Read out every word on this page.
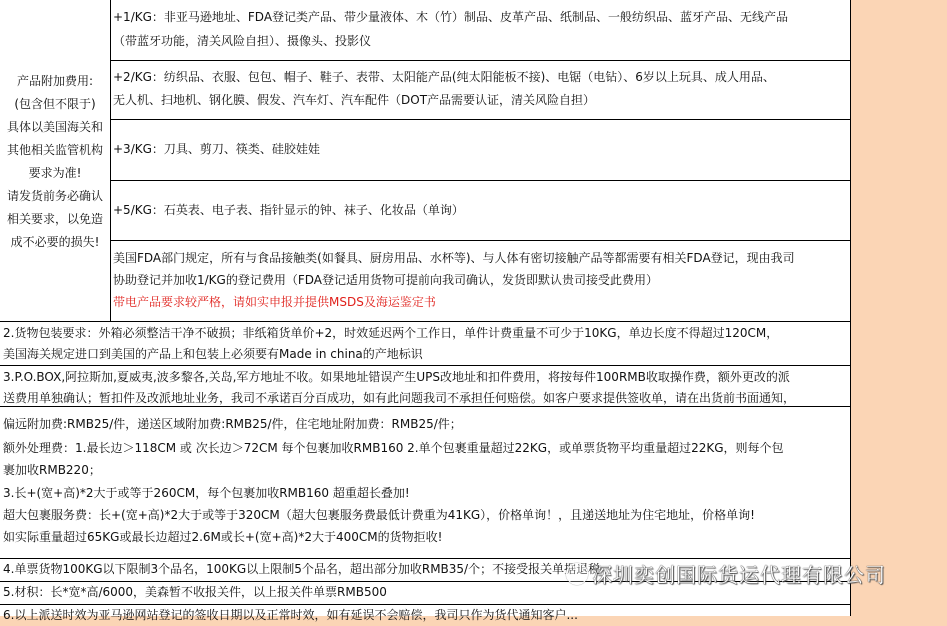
产品附加费用:
(包含但不限于)
具体以美国海关和
其他相关监管机构
要求为准!
请发货前务必确认
相关要求，以免造
成不必要的损失!
+1/KG：非亚马逊地址、FDA登记类产品、带少量液体、木（竹）制品、皮革产品、纸制品、一般纺织品、蓝牙产品、无线产品
（带蓝牙功能，清关风险自担）、摄像头、投影仪
+2/KG：纺织品、衣服、包包、帽子、鞋子、表带、太阳能产品(纯太阳能板不接)、电锯（电钻）、6岁以上玩具、成人用品、
无人机、扫地机、钢化膜、假发、汽车灯、汽车配件（DOT产品需要认证，清关风险自担）
+3/KG：刀具、剪刀、筷类、硅胶娃娃
+5/KG：石英表、电子表、指针显示的钟、袜子、化妆品（单询）
美国FDA部门规定，所有与食品接触类(如餐具、厨房用品、水杯等)、与人体有密切接触产品等都需要有相关FDA登记，现由我司
协助登记并加收1/KG的登记费用（FDA登记适用货物可提前向我司确认，发货即默认贵司接受此费用）
带电产品要求较严格，请如实申报并提供MSDS及海运鉴定书
2.货物包装要求：外箱必须整洁干净不破损；非纸箱货单价+2，时效延迟两个工作日，单件计费重量不可少于10KG，单边长度不得超过120CM，
美国海关规定进口到美国的产品上和包装上必须要有Made in china的产地标识
3.P.O.BOX,阿拉斯加,夏威夷,波多黎各,关岛,军方地址不收。如果地址错误产生UPS改地址和扣件费用，将按每件100RMB收取操作费，额外更改的派
送费用单独确认；暂扣件及改派地址业务，我司不承诺百分百成功，如有此问题我司不承担任何赔偿。如客户要求提供签收单，请在出货前书面通知，
偏远附加费:RMB25/件，递送区域附加费:RMB25/件，住宅地址附加费：RMB25/件；
额外处理费：1.最长边＞118CM 或 次长边＞72CM 每个包裹加收RMB160 2.单个包裹重量超过22KG，或单票货物平均重量超过22KG，则每个包
裹加收RMB220；
3.长+(宽+高)*2大于或等于260CM，每个包裹加收RMB160 超重超长叠加!
超大包裹服务费：长+(宽+高)*2大于或等于320CM（超大包裹服务费最低计费重为41KG），价格单询！，且递送地址为住宅地址，价格单询!
如实际重量超过65KG或最长边超过2.6M或长+(宽+高)*2大于400CM的货物拒收!
4.单票货物100KG以下限制3个品名，100KG以上限制5个品名，超出部分加收RMB35/个；不接受报关单据退税
5.材积：长*宽*高/6000，美森暂不收报关件，以上报关件单票RMB500
6.以上派送时效为亚马逊网站登记的签收日期以及正常时效，如有延误不会赔偿，我司只作为货代通知客户...
深圳奕创国际货运代理有限公司
